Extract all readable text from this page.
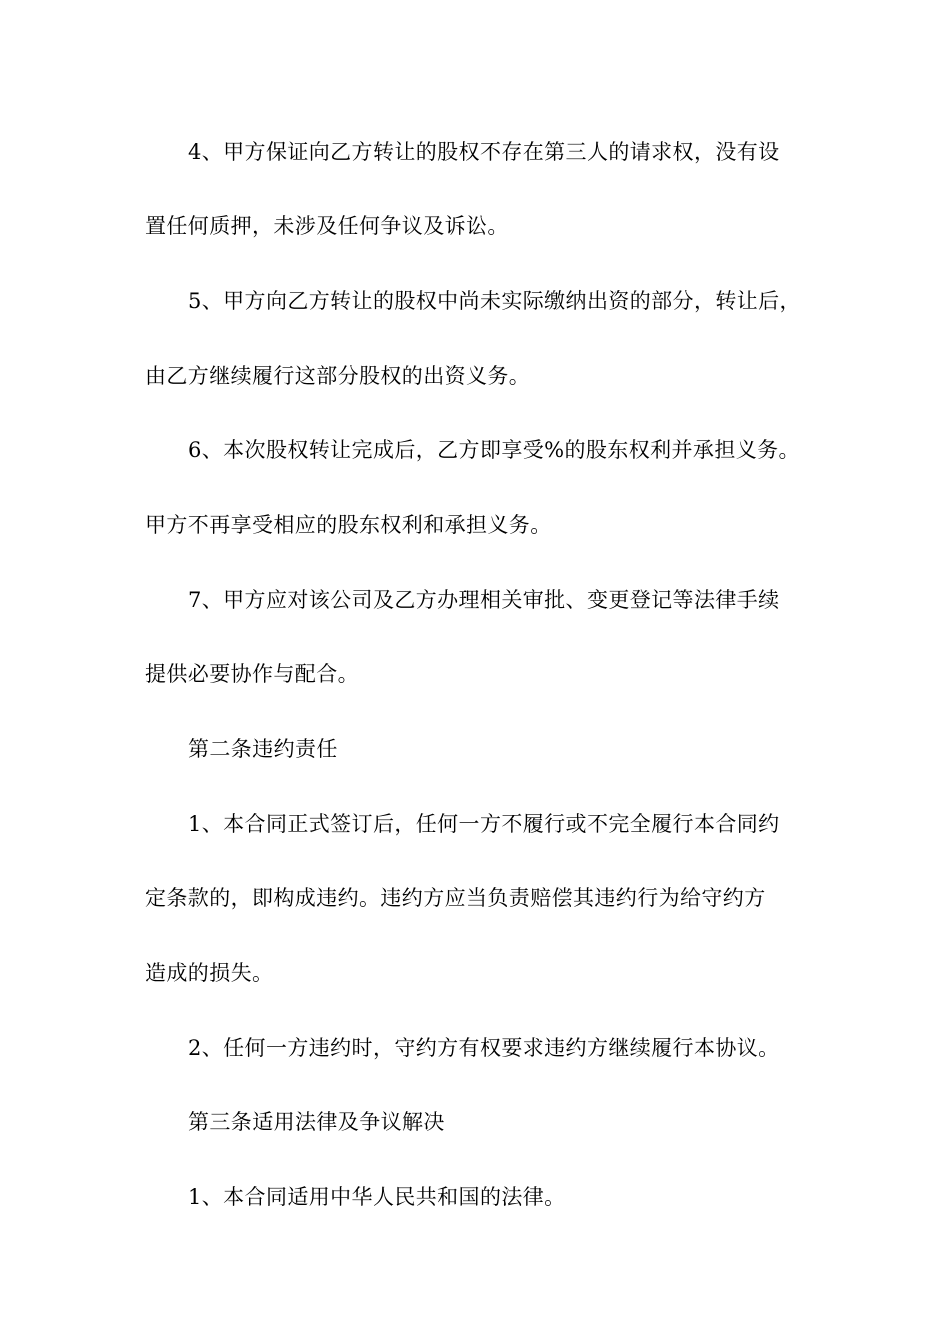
4、甲方保证向乙方转让的股权不存在第三人的请求权，没有设
置任何质押，未涉及任何争议及诉讼。
5、甲方向乙方转让的股权中尚未实际缴纳出资的部分，转让后，
由乙方继续履行这部分股权的出资义务。
6、本次股权转让完成后，乙方即享受%的股东权利并承担义务。
甲方不再享受相应的股东权利和承担义务。
7、甲方应对该公司及乙方办理相关审批、变更登记等法律手续
提供必要协作与配合。
第二条违约责任
1、本合同正式签订后，任何一方不履行或不完全履行本合同约
定条款的，即构成违约。违约方应当负责赔偿其违约行为给守约方
造成的损失。
2、任何一方违约时，守约方有权要求违约方继续履行本协议。
第三条适用法律及争议解决
1、本合同适用中华人民共和国的法律。
